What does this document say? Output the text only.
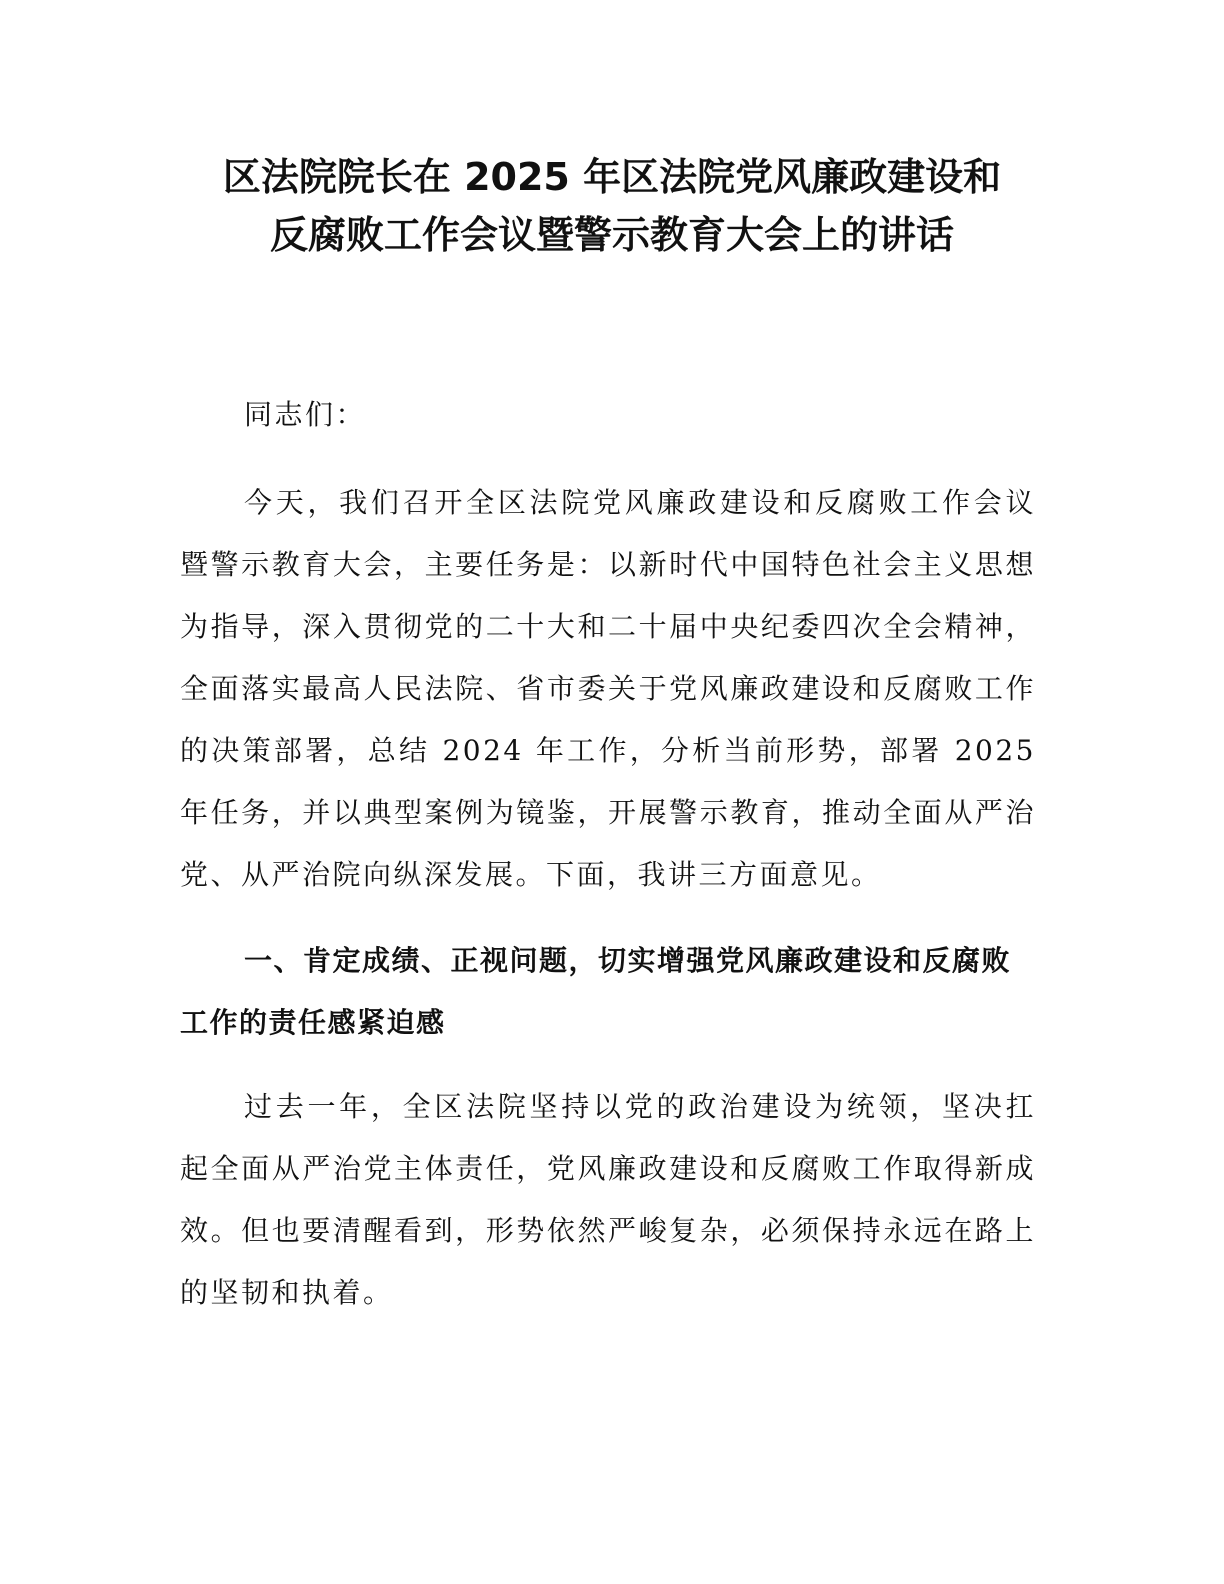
区法院院长在 2025 年区法院党风廉政建设和
反腐败工作会议暨警示教育大会上的讲话

同志们：

今天，我们召开全区法院党风廉政建设和反腐败工作会议暨警示教育大会，主要任务是：以新时代中国特色社会主义思想为指导，深入贯彻党的二十大和二十届中央纪委四次全会精神，全面落实最高人民法院、省市委关于党风廉政建设和反腐败工作的决策部署，总结 2024 年工作，分析当前形势，部署 2025 年任务，并以典型案例为镜鉴，开展警示教育，推动全面从严治党、从严治院向纵深发展。下面，我讲三方面意见。

一、肯定成绩、正视问题，切实增强党风廉政建设和反腐败工作的责任感紧迫感

过去一年，全区法院坚持以党的政治建设为统领，坚决扛起全面从严治党主体责任，党风廉政建设和反腐败工作取得新成效。但也要清醒看到，形势依然严峻复杂，必须保持永远在路上的坚韧和执着。
